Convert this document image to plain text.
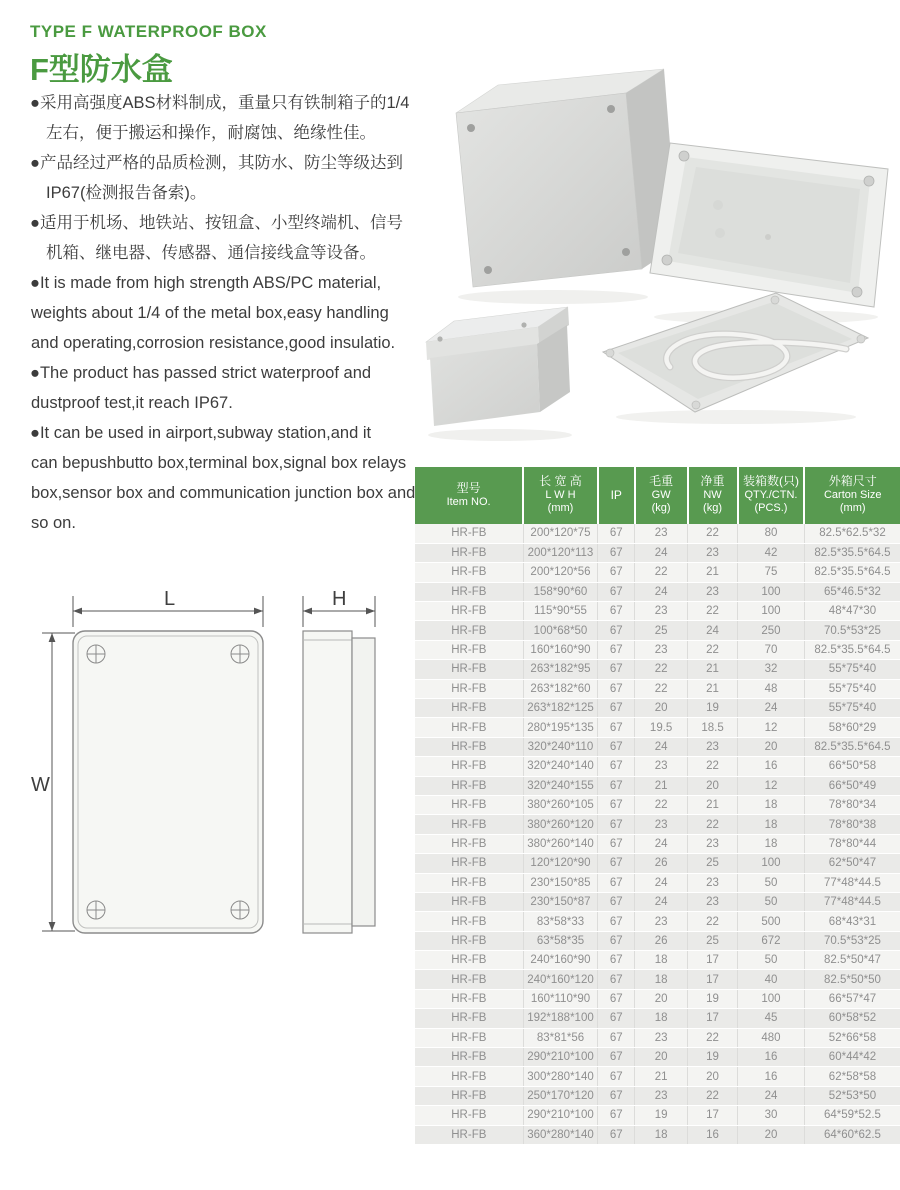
TYPE F WATERPROOF BOX
F型防水盒
●采用高强度ABS材料制成，重量只有铁制箱子的1/4
左右，便于搬运和操作，耐腐蚀、绝缘性佳。
●产品经过严格的品质检测，其防水、防尘等级达到
IP67(检测报告备索)。
●适用于机场、地铁站、按钮盒、小型终端机、信号
机箱、继电器、传感器、通信接线盒等设备。
●It is made from high strength ABS/PC material,
weights about 1/4 of the metal box,easy handling
and operating,corrosion resistance,good insulatio.
●The product has passed strict waterproof and
dustproof test,it reach IP67.
●It can be used in airport,subway station,and it
can bepushbutto box,terminal box,signal box relays
box,sensor box and communication junction box and
so on.
L
W
H
型号
Item NO.

长 宽 高
L W H
(mm)

IP

毛重
GW
(kg)

净重
NW
(kg)

装箱数(只)
QTY./CTN.
(PCS.)

外箱尺寸
Carton Size
(mm)

HR-FB	200*120*75	67	23	22	80	82.5*62.5*32
HR-FB	200*120*113	67	24	23	42	82.5*35.5*64.5
HR-FB	200*120*56	67	22	21	75	82.5*35.5*64.5
HR-FB	158*90*60	67	24	23	100	65*46.5*32
HR-FB	115*90*55	67	23	22	100	48*47*30
HR-FB	100*68*50	67	25	24	250	70.5*53*25
HR-FB	160*160*90	67	23	22	70	82.5*35.5*64.5
HR-FB	263*182*95	67	22	21	32	55*75*40
HR-FB	263*182*60	67	22	21	48	55*75*40
HR-FB	263*182*125	67	20	19	24	55*75*40
HR-FB	280*195*135	67	19.5	18.5	12	58*60*29
HR-FB	320*240*110	67	24	23	20	82.5*35.5*64.5
HR-FB	320*240*140	67	23	22	16	66*50*58
HR-FB	320*240*155	67	21	20	12	66*50*49
HR-FB	380*260*105	67	22	21	18	78*80*34
HR-FB	380*260*120	67	23	22	18	78*80*38
HR-FB	380*260*140	67	24	23	18	78*80*44
HR-FB	120*120*90	67	26	25	100	62*50*47
HR-FB	230*150*85	67	24	23	50	77*48*44.5
HR-FB	230*150*87	67	24	23	50	77*48*44.5
HR-FB	83*58*33	67	23	22	500	68*43*31
HR-FB	63*58*35	67	26	25	672	70.5*53*25
HR-FB	240*160*90	67	18	17	50	82.5*50*47
HR-FB	240*160*120	67	18	17	40	82.5*50*50
HR-FB	160*110*90	67	20	19	100	66*57*47
HR-FB	192*188*100	67	18	17	45	60*58*52
HR-FB	83*81*56	67	23	22	480	52*66*58
HR-FB	290*210*100	67	20	19	16	60*44*42
HR-FB	300*280*140	67	21	20	16	62*58*58
HR-FB	250*170*120	67	23	22	24	52*53*50
HR-FB	290*210*100	67	19	17	30	64*59*52.5
HR-FB	360*280*140	67	18	16	20	64*60*62.5
